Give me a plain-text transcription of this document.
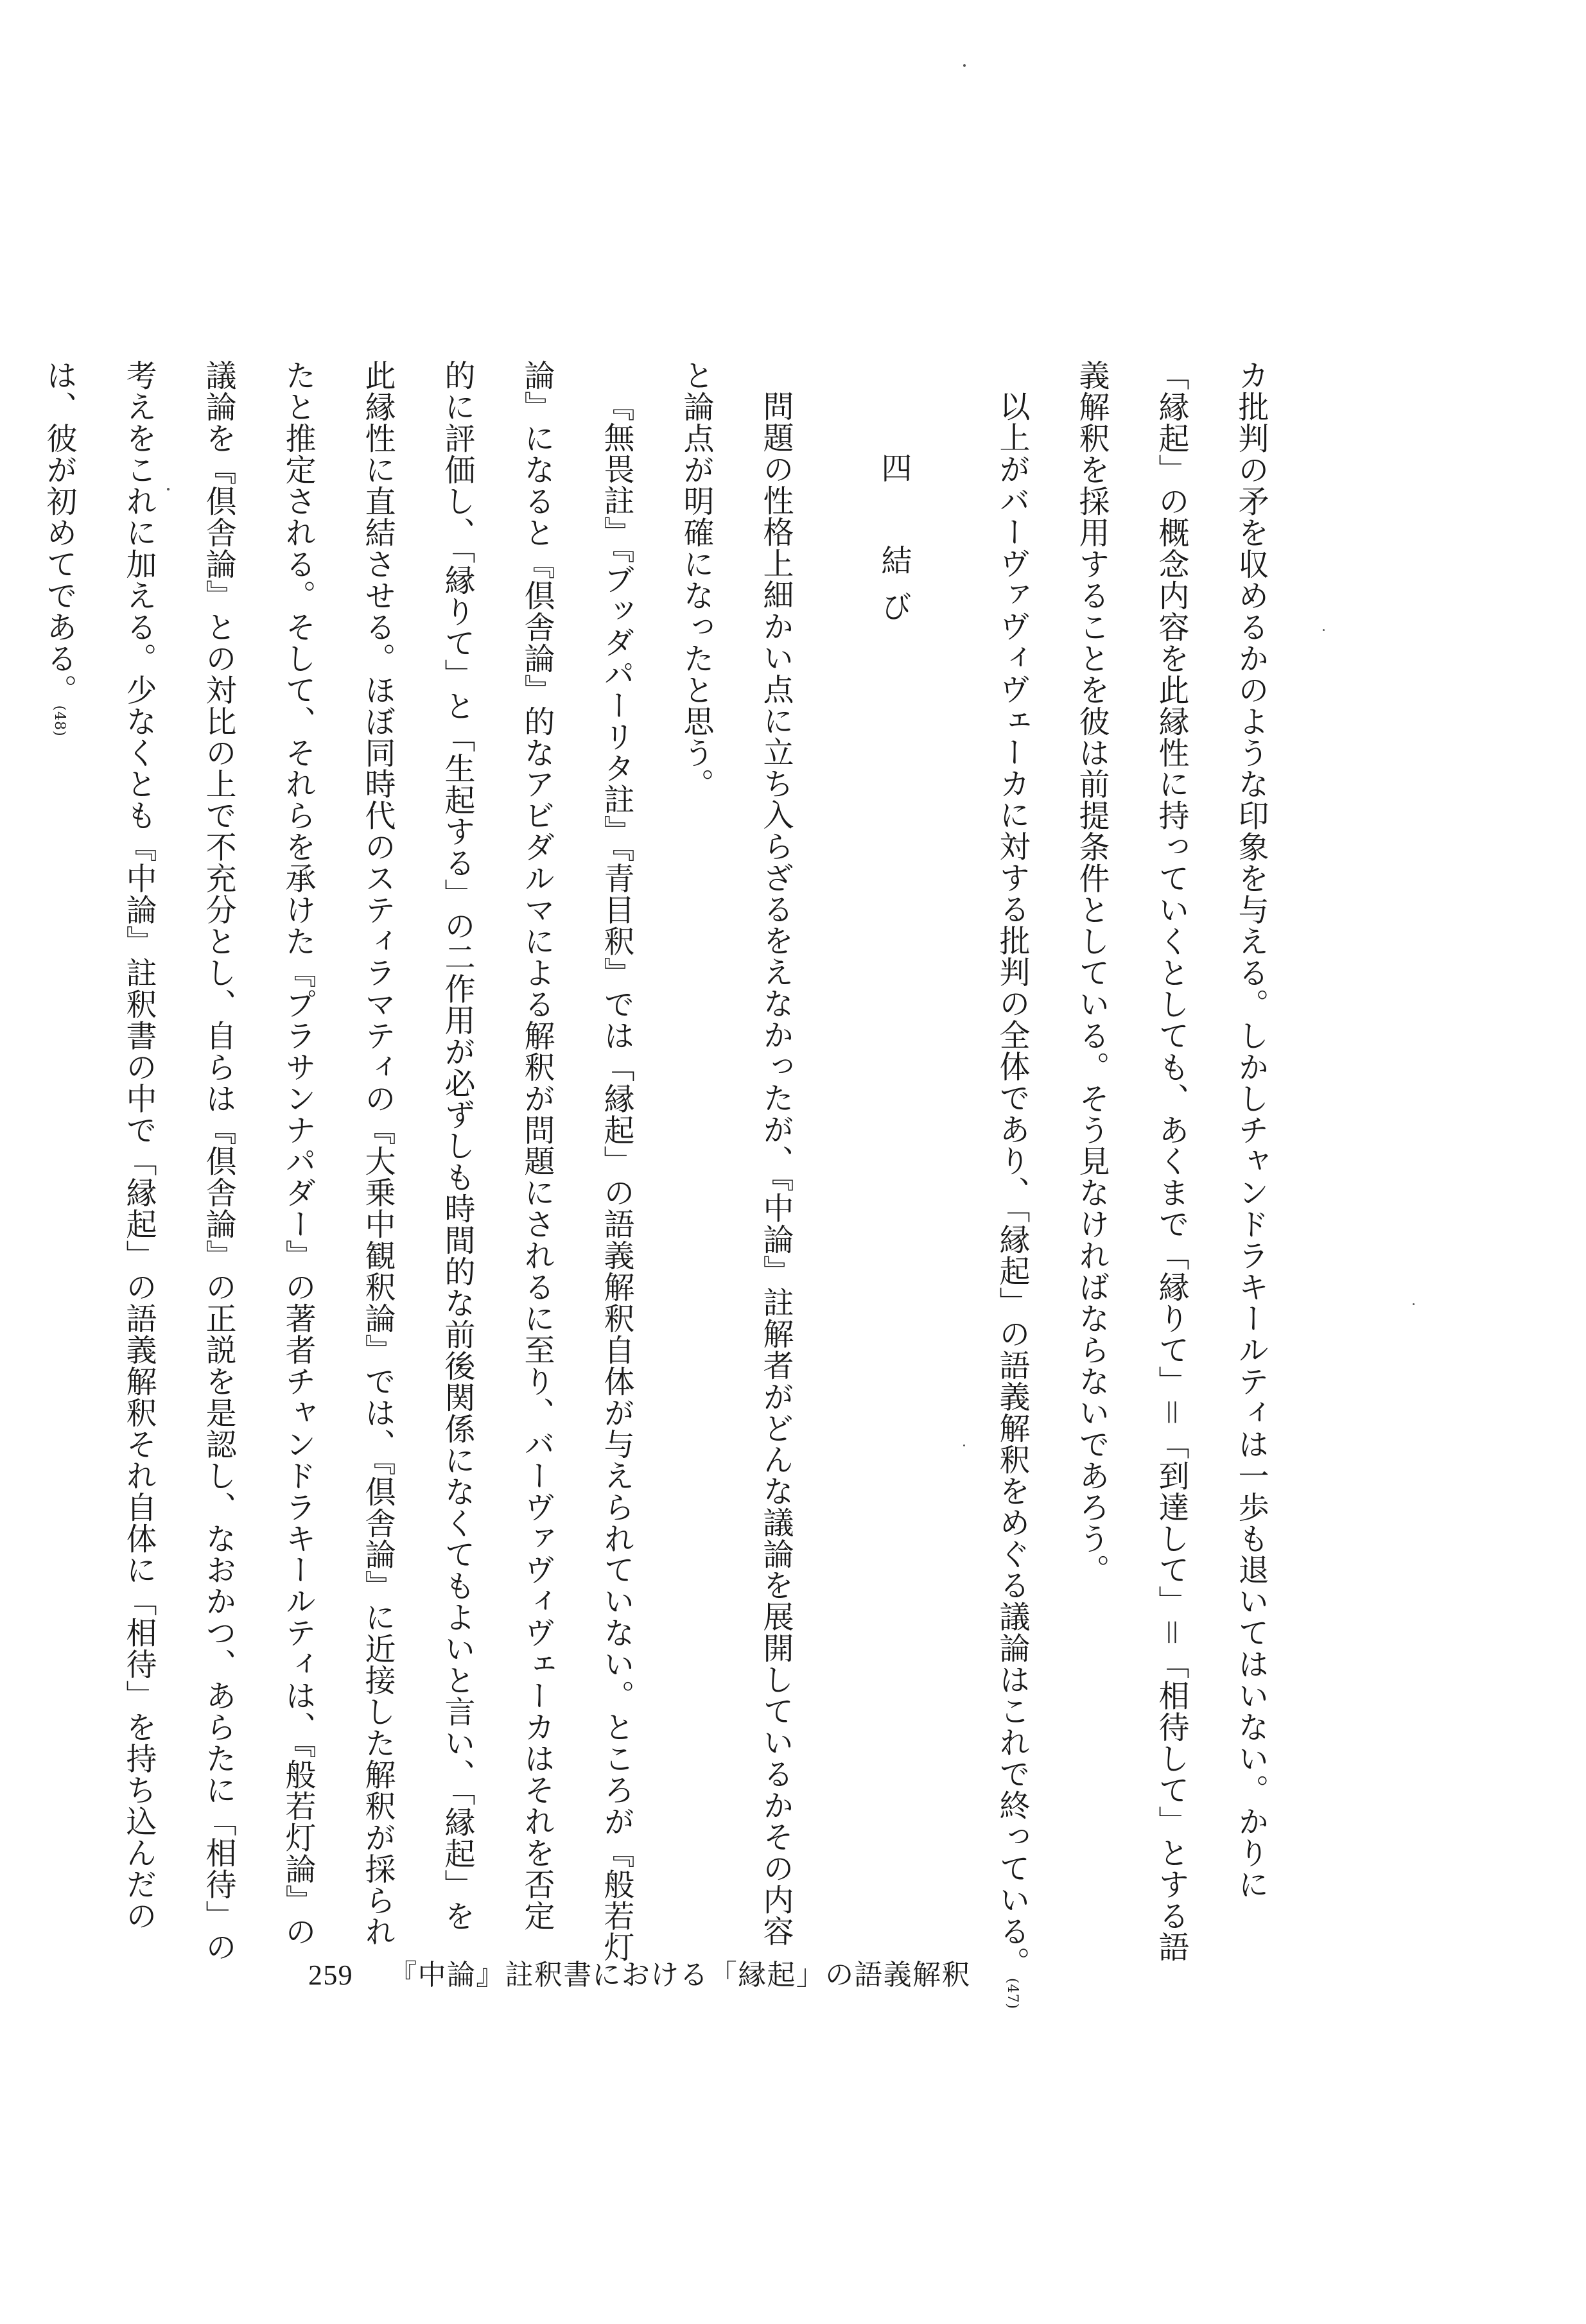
カ批判の矛を収めるかのような印象を与える。しかしチャンドラキールティは一歩も退いてはいない。かりに
「縁起」の概念内容を此縁性に持っていくとしても、あくまで「縁りて」＝「到達して」＝「相待して」とする語
義解釈を採用することを彼は前提条件としている。そう見なければならないであろう。
以上がバーヴァヴィヴェーカに対する批判の全体であり、「縁起」の語義解釈をめぐる議論はこれで終っている。$^{(47)}$
四　結び
問題の性格上細かい点に立ち入らざるをえなかったが、『中論』註解者がどんな議論を展開しているかその内容
と論点が明確になったと思う。
『無畏註』『ブッダパーリタ註』『青目釈』では「縁起」の語義解釈自体が与えられていない。ところが『般若灯
論』になると『倶舎論』的なアビダルマによる解釈が問題にされるに至り、バーヴァヴィヴェーカはそれを否定
的に評価し、「縁りて」と「生起する」の二作用が必ずしも時間的な前後関係になくてもよいと言い、「縁起」を
此縁性に直結させる。ほぼ同時代のスティラマティの『大乗中観釈論』では、『倶舎論』に近接した解釈が採られ
たと推定される。そして、それらを承けた『プラサンナパダー』の著者チャンドラキールティは、『般若灯論』の
議論を『倶舎論』との対比の上で不充分とし、自らは『倶舎論』の正説を是認し、なおかつ、あらたに「相待」の
考えをこれに加える。少なくとも『中論』註釈書の中で「縁起」の語義解釈それ自体に「相待」を持ち込んだの
は、彼が初めてである。$^{(48)}$
259 『中論』註釈書における「縁起」の語義解釈
